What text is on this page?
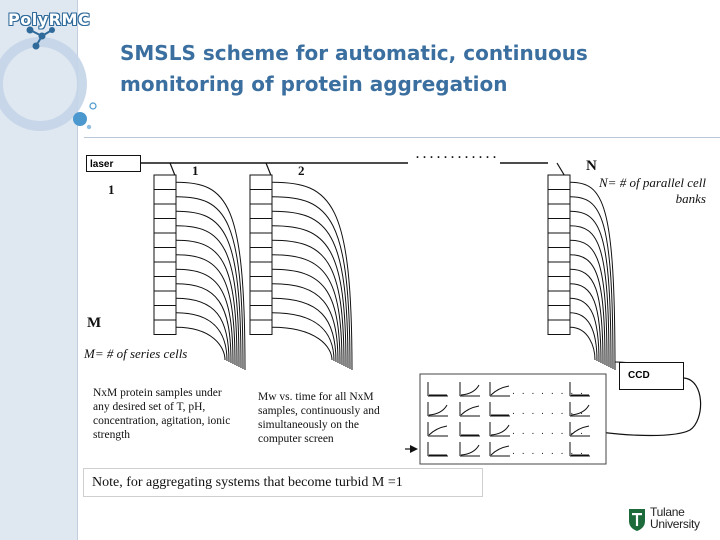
PolyRMC
SMSLS scheme for automatic, continuous
monitoring of protein aggregation
. . . . . . . .
. . . . . . . .
. . . . . . . .
. . . . . . . .
laser	1	2	N
. . . . . . . . . . . .
1
M
N= # of parallel cell
banks
M= # of series cells
NxM protein samples under
any desired set of T, pH,
concentration, agitation, ionic
strength
Mw vs. time for all NxM
samples, continuously and
simultaneously on the
computer screen
CCD
Note, for aggregating systems that become turbid M =1
Tulane
University
